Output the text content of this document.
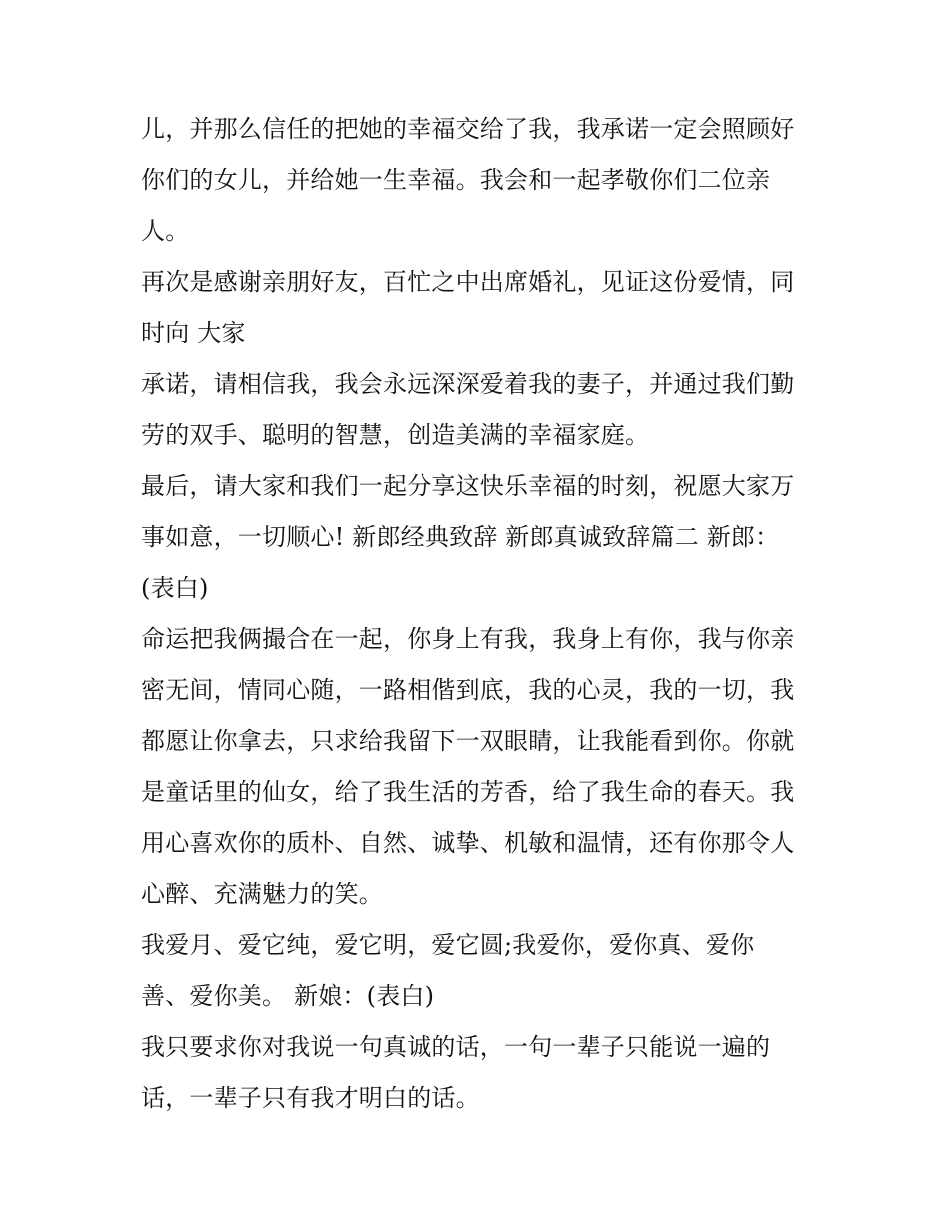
儿，并那么信任的把她的幸福交给了我，我承诺一定会照顾好
你们的女儿，并给她一生幸福。我会和一起孝敬你们二位亲
人。
再次是感谢亲朋好友，百忙之中出席婚礼，见证这份爱情，同
时向 大家
承诺，请相信我，我会永远深深爱着我的妻子，并通过我们勤
劳的双手、聪明的智慧，创造美满的幸福家庭。
最后，请大家和我们一起分享这快乐幸福的时刻，祝愿大家万
事如意，一切顺心! 新郎经典致辞 新郎真诚致辞篇二 新郎：
(表白)
命运把我俩撮合在一起，你身上有我，我身上有你，我与你亲
密无间，情同心随，一路相偕到底，我的心灵，我的一切，我
都愿让你拿去，只求给我留下一双眼睛，让我能看到你。你就
是童话里的仙女，给了我生活的芳香，给了我生命的春天。我
用心喜欢你的质朴、自然、诚挚、机敏和温情，还有你那令人
心醉、充满魅力的笑。
我爱月、爱它纯，爱它明，爱它圆;我爱你，爱你真、爱你
善、爱你美。 新娘：(表白)
我只要求你对我说一句真诚的话，一句一辈子只能说一遍的
话，一辈子只有我才明白的话。
